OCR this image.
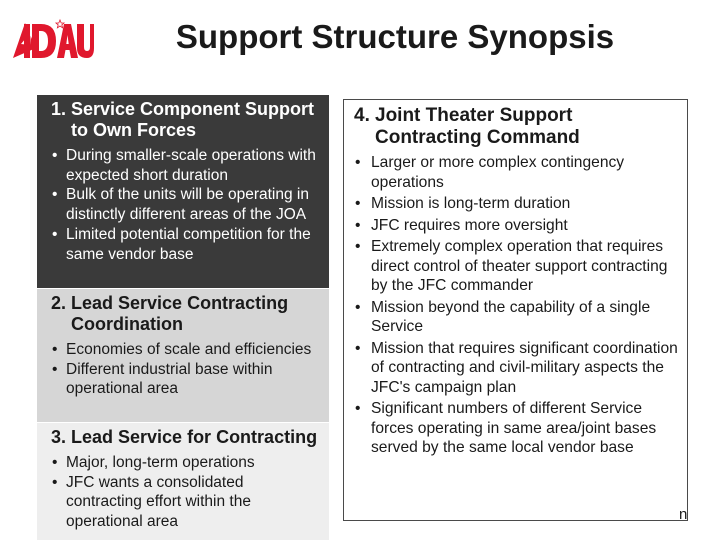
Support Structure Synopsis
1. Service Component Support to Own Forces
• During smaller-scale operations with expected short duration
• Bulk of the units will be operating in distinctly different areas of the JOA
• Limited potential competition for the same vendor base
2. Lead Service Contracting Coordination
• Economies of scale and efficiencies
• Different industrial base within operational area
3. Lead Service for Contracting
• Major, long-term operations
• JFC wants a consolidated contracting effort within the operational area
4. Joint Theater Support Contracting Command
• Larger or more complex contingency operations
• Mission is long-term duration
• JFC requires more oversight
• Extremely complex operation that requires direct control of theater support contracting by the JFC commander
• Mission beyond the capability of a single Service
• Mission that requires significant coordination of contracting and civil-military aspects the JFC's campaign plan
• Significant numbers of different Service forces operating in same area/joint bases served by the same local vendor base
n
